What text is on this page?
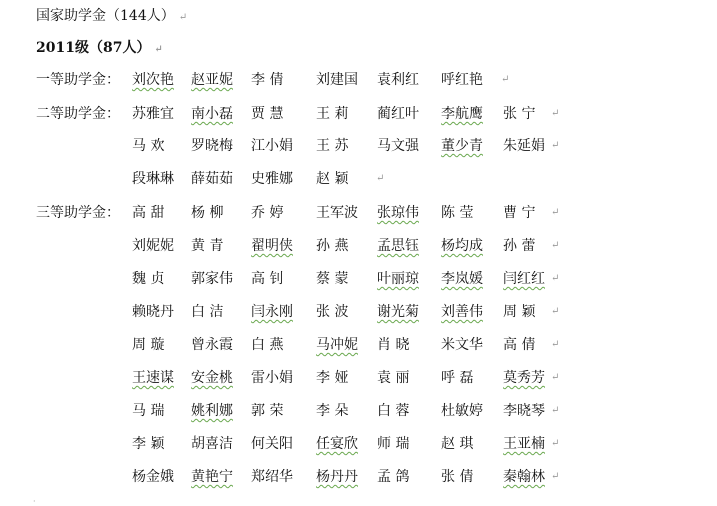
国家助学金（144人） ↵
2011级（87人） ↵
一等助学金： 刘次艳	赵亚妮	李 倩	刘建国	袁利红	呼红艳	↵
二等助学金： 苏雅宜	南小磊	贾 慧	王 莉	蔺红叶	李航鹰	张 宁	↵
马 欢	罗晓梅	江小娟	王 苏	马文强	董少青	朱延娟 ↵
段琳琳	薛茹茹	史雅娜	赵 颖	↵
三等助学金： 高 甜	杨 柳	乔 婷	王军波	张琼伟	陈 莹	曹 宁	↵
刘妮妮	黄 青	翟明侠	孙 燕	孟思钰	杨均成	孙 蕾	↵
魏 贞	郭家伟	高 钊	蔡 蒙	叶丽琼	李岚媛	闫红红 ↵
赖晓丹	白 洁	闫永刚	张 波	谢光菊	刘善伟	周 颖	↵
周 璇	曾永霞	白 燕	马冲妮	肖 晓	米文华	高 倩	↵
王速谋	安金桃	雷小娟	李 娅	袁 丽	呼 磊	莫秀芳 ↵
马 瑞	姚利娜	郭 荣	李 朵	白 蓉	杜敏婷	李晓琴 ↵
李 颖	胡喜洁	何关阳	任宴欣	师 瑞	赵 琪	王亚楠 ↵
杨金娥	黄艳宁	郑绍华	杨丹丹	孟 鸽	张 倩	秦翰林 ↵
·
